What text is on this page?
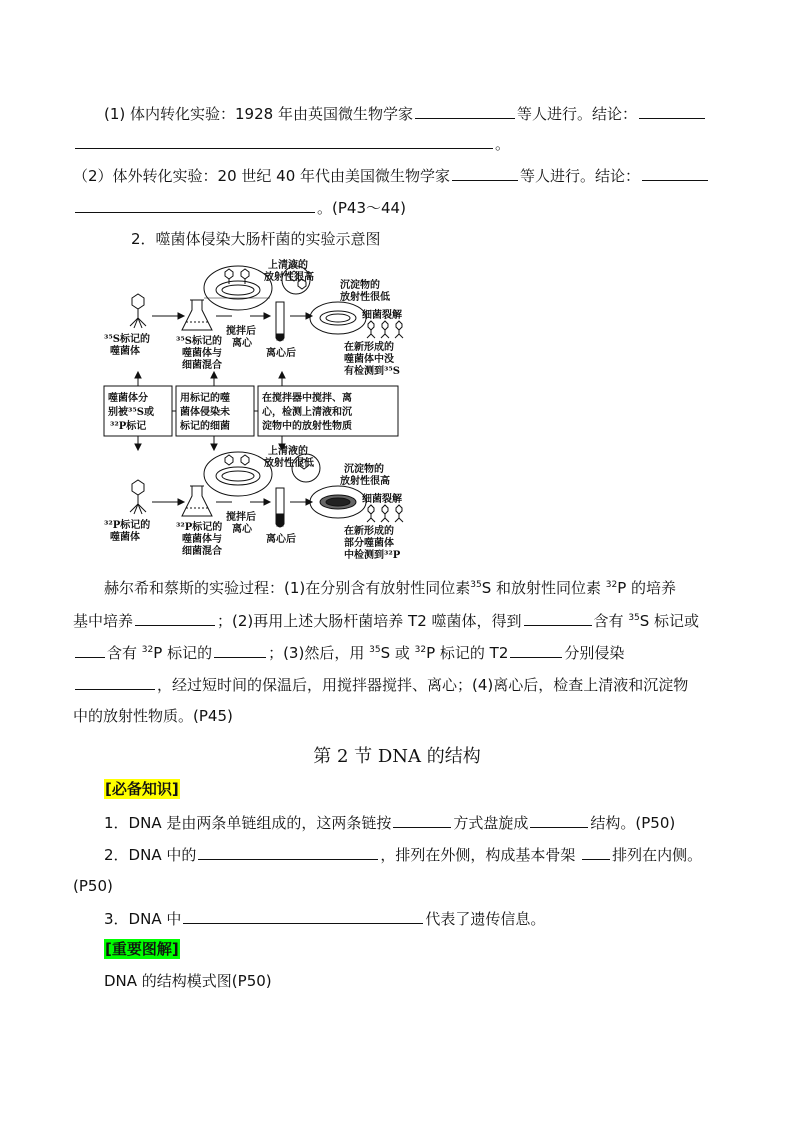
(1) 体内转化实验：1928 年由英国微生物学家	等人进行。结论：
。
（2）体外转化实验：20 世纪 40 年代由美国微生物学家	等人进行。结论：
。(P43～44)
2．噬菌体侵染大肠杆菌的实验示意图
上清液的
放射性很高
沉淀物的
放射性很低
细菌裂解
在新形成的
噬菌体中没
有检测到³⁵S
³⁵S标记的
噬菌体
³⁵S标记的
噬菌体与
细菌混合
搅拌后
离心
离心后
噬菌体分
别被³⁵S或
³²P标记
用标记的噬
菌体侵染未
标记的细菌
在搅拌器中搅拌、离
心，检测上清液和沉
淀物中的放射性物质
上清液的
放射性很低
沉淀物的
放射性很高
细菌裂解
在新形成的
部分噬菌体
中检测到³²P
³²P标记的
噬菌体
³²P标记的
噬菌体与
细菌混合
搅拌后
离心
离心后
赫尔希和蔡斯的实验过程：(1)在分别含有放射性同位素$^{35}$S 和放射性同位素 $^{32}$P 的培养
基中培养	；(2)再用上述大肠杆菌培养 T2 噬菌体，得到	含有 $^{35}$S 标记或
含有 $^{32}$P 标记的	；(3)然后，用 $^{35}$S 或 $^{32}$P 标记的 T2	分别侵染
，经过短时间的保温后，用搅拌器搅拌、离心；(4)离心后，检查上清液和沉淀物
中的放射性物质。(P45)
第 2 节 DNA 的结构
[必备知识]
1．DNA 是由两条单链组成的，这两条链按	方式盘旋成	结构。(P50)
2．DNA 中的	，排列在外侧，构成基本骨架 排列在内侧。
(P50)
3．DNA 中	代表了遗传信息。
[重要图解]
DNA 的结构模式图(P50)
